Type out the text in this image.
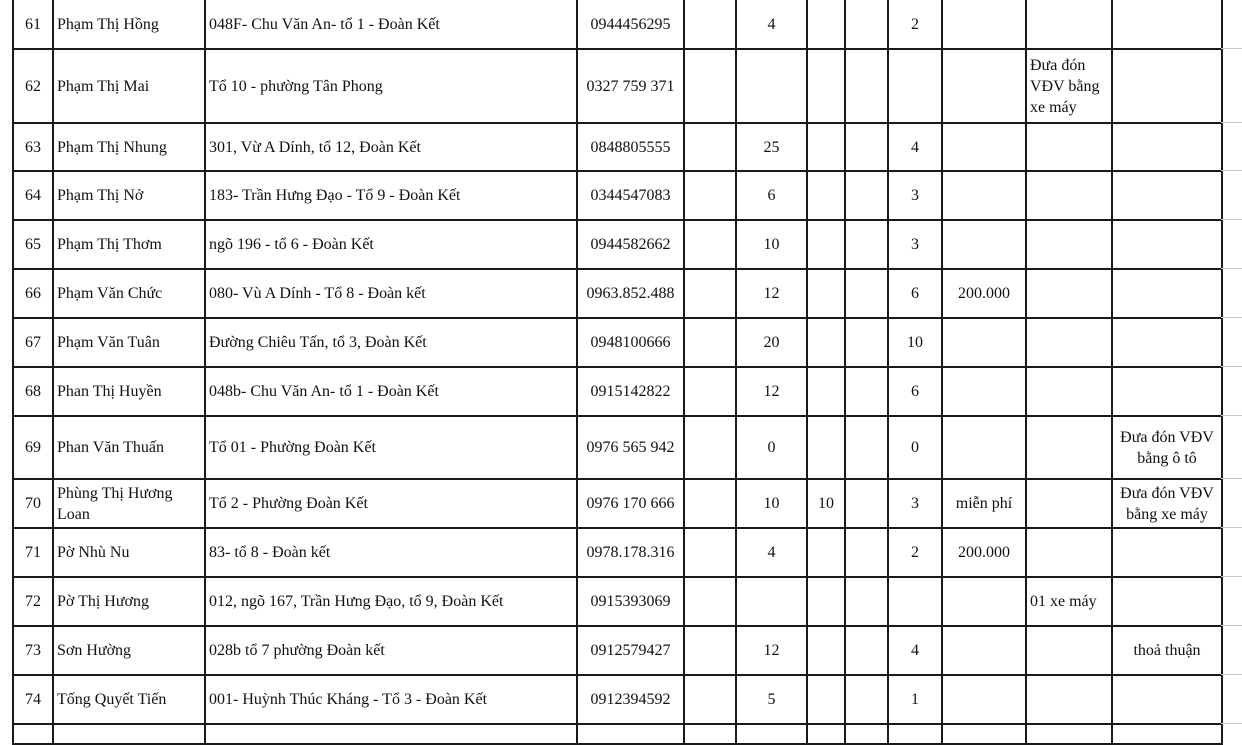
61	Phạm Thị Hồng	048F- Chu Văn An- tổ 1 - Đoàn Kết	0944456295		4			2			
62	Phạm Thị Mai	Tổ 10 - phường Tân Phong	0327 759 371							Đưa đón VĐV bằng xe máy	
63	Phạm Thị Nhung	301, Vừ A Dính, tổ 12, Đoàn Kết	0848805555		25			4			
64	Phạm Thị Nở	183- Trần Hưng Đạo - Tổ 9 - Đoàn Kết	0344547083		6			3			
65	Phạm Thị Thơm	ngõ 196 - tổ 6 - Đoàn Kết	0944582662		10			3			
66	Phạm Văn Chức	080- Vù A Dính - Tổ 8 - Đoàn kết	0963.852.488		12			6	200.000		
67	Phạm Văn Tuân	Đường Chiêu Tấn, tổ 3, Đoàn Kết	0948100666		20			10			
68	Phan Thị Huyền	048b- Chu Văn An- tổ 1 - Đoàn Kết	0915142822		12			6			
69	Phan Văn Thuấn	Tổ 01 - Phường Đoàn Kết	0976 565 942		0			0			Đưa đón VĐV bằng ô tô
70	Phùng Thị Hương Loan	Tổ 2 - Phường Đoàn Kết	0976 170 666		10	10		3	miễn phí		Đưa đón VĐV bằng xe máy
71	Pờ Nhù Nu	83- tổ 8 - Đoàn kết	0978.178.316		4			2	200.000		
72	Pờ Thị Hương	012, ngõ 167, Trần Hưng Đạo, tổ 9, Đoàn Kết	0915393069							01 xe máy	
73	Sơn Hường	028b tổ 7 phường Đoàn kết	0912579427		12			4			thoả thuận
74	Tống Quyết Tiến	001- Huỳnh Thúc Kháng - Tổ 3 - Đoàn Kết	0912394592		5			1			
